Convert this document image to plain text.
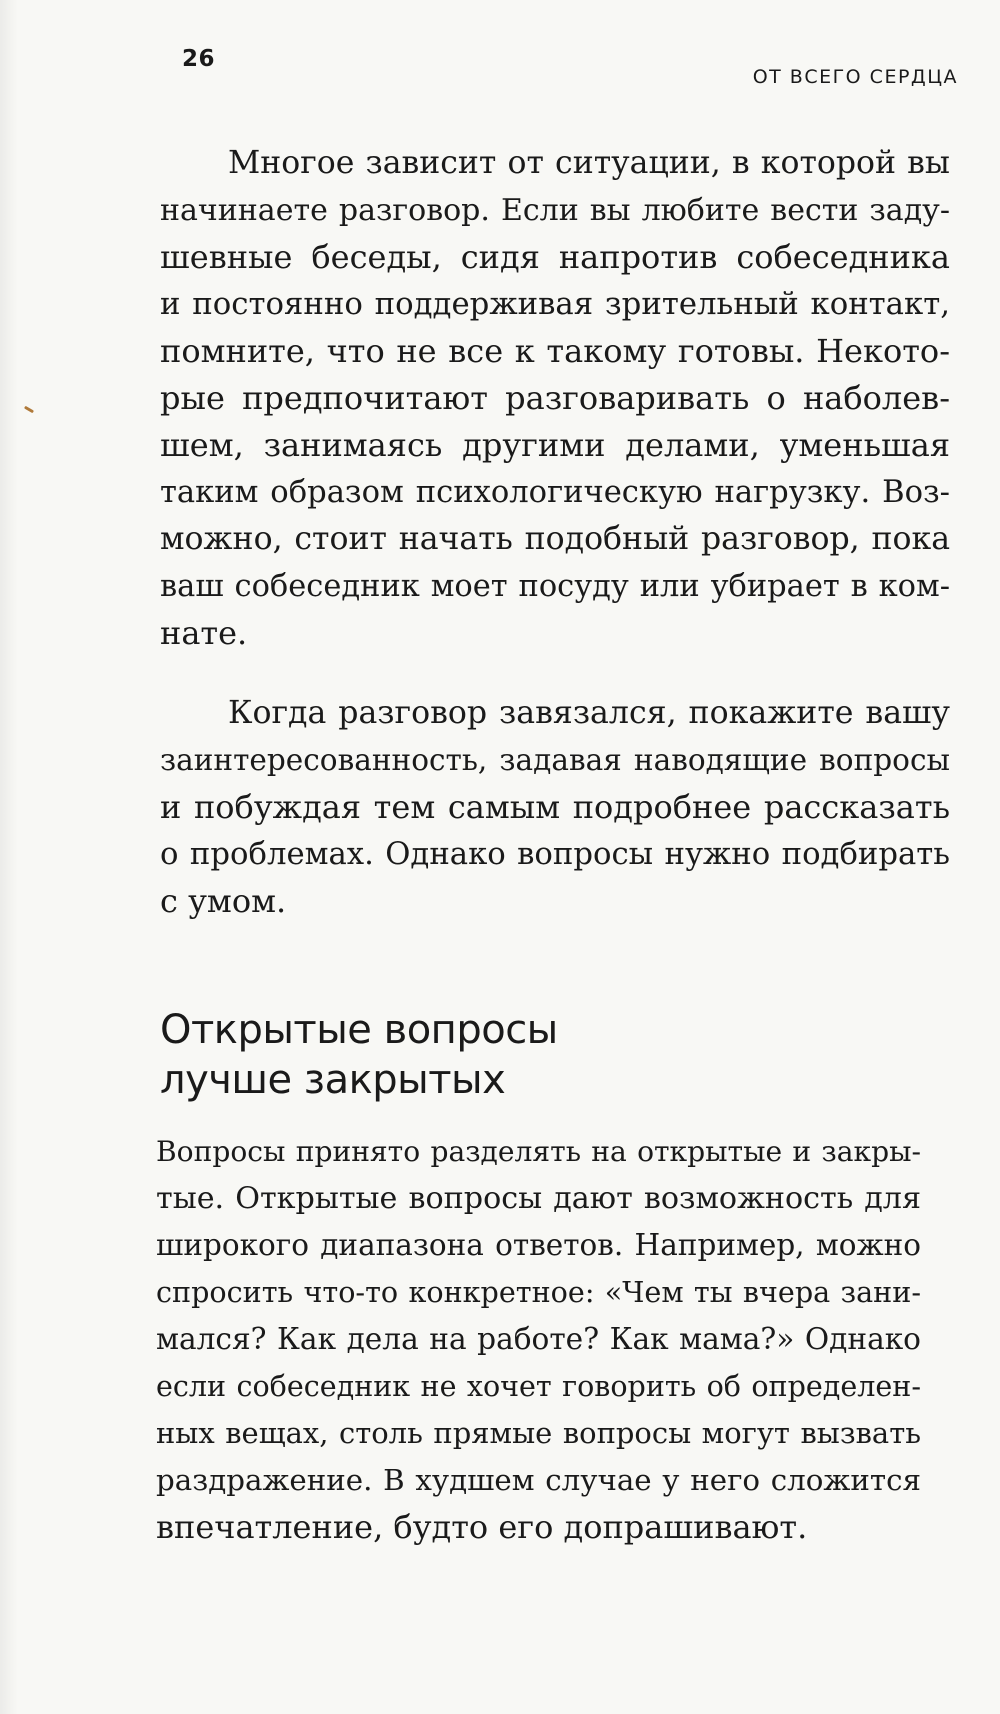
26
ОТ ВСЕГО СЕРДЦА
Многое зависит от ситуации, в которой вы
начинаете разговор. Если вы любите вести заду-
шевные беседы, сидя напротив собеседника
и постоянно поддерживая зрительный контакт,
помните, что не все к такому готовы. Некото-
рые предпочитают разговаривать о наболев-
шем, занимаясь другими делами, уменьшая
таким образом психологическую нагрузку. Воз-
можно, стоит начать подобный разговор, пока
ваш собеседник моет посуду или убирает в ком-
нате.
Когда разговор завязался, покажите вашу
заинтересованность, задавая наводящие вопросы
и побуждая тем самым подробнее рассказать
о проблемах. Однако вопросы нужно подбирать
с умом.
Открытые вопросы
лучше закрытых
Вопросы принято разделять на открытые и закры-
тые. Открытые вопросы дают возможность для
широкого диапазона ответов. Например, можно
спросить что-то конкретное: «Чем ты вчера зани-
мался? Как дела на работе? Как мама?» Однако
если собеседник не хочет говорить об определен-
ных вещах, столь прямые вопросы могут вызвать
раздражение. В худшем случае у него сложится
впечатление, будто его допрашивают.
